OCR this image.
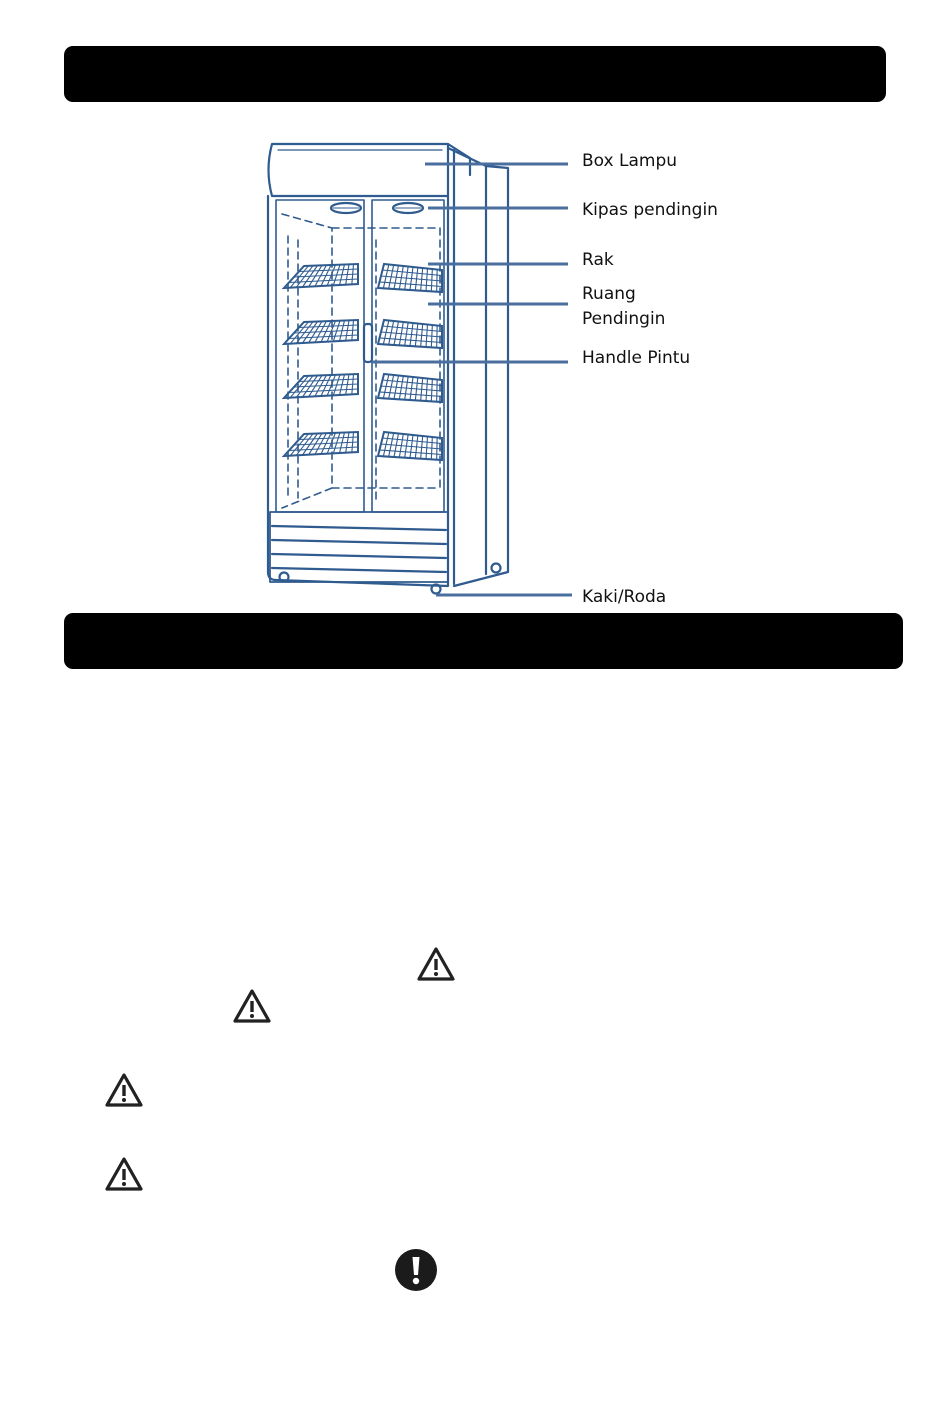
Box Lampu
Kipas pendingin
Rak
Ruang
Pendingin
Handle Pintu
Kaki/Roda
